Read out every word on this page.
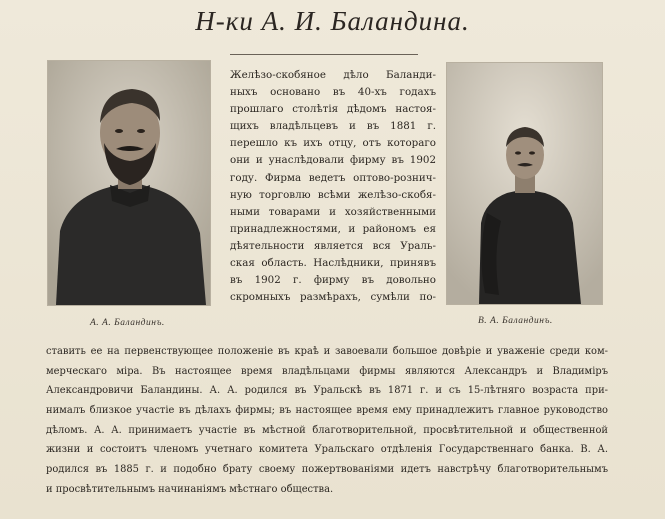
Н-ки А. И. Баландина.
А. А. Баландинъ.	В. А. Баландинъ.
Желѣзо-скобяное дѣло Баланди-
ныхъ основано въ 40-хъ годахъ
прошлаго столѣтія дѣдомъ настоя-
щихъ владѣльцевъ и въ 1881 г.
перешло къ ихъ отцу, отъ котораго
они и унаслѣдовали фирму въ 1902
году. Фирма ведетъ оптово-рознич-
ную торговлю всѣми желѣзо-скобя-
ными товарами и хозяйственными
принадлежностями, и райономъ ея
дѣятельности является вся Ураль-
ская область. Наслѣдники, принявъ
въ 1902 г. фирму въ довольно
скромныхъ размѣрахъ, сумѣли по-
ставить ее на первенствующее положеніе въ краѣ и завоевали большое довѣріе и уваженіе среди ком-
мерческаго міра. Въ настоящее время владѣльцами фирмы являются Александръ и Владиміръ
Александровичи Баландины. А. А. родился въ Уральскѣ въ 1871 г. и съ 15-лѣтняго возраста при-
нималъ близкое участіе въ дѣлахъ фирмы; въ настоящее время ему принадлежитъ главное руководство
дѣломъ. А. А. принимаетъ участіе въ мѣстной благотворительной, просвѣтительной и общественной
жизни и состоитъ членомъ учетнаго комитета Уральскаго отдѣленія Государственнаго банка. В. А.
родился въ 1885 г. и подобно брату своему пожертвованіями идетъ навстрѣчу благотворительнымъ
и просвѣтительнымъ начинаніямъ мѣстнаго общества.
